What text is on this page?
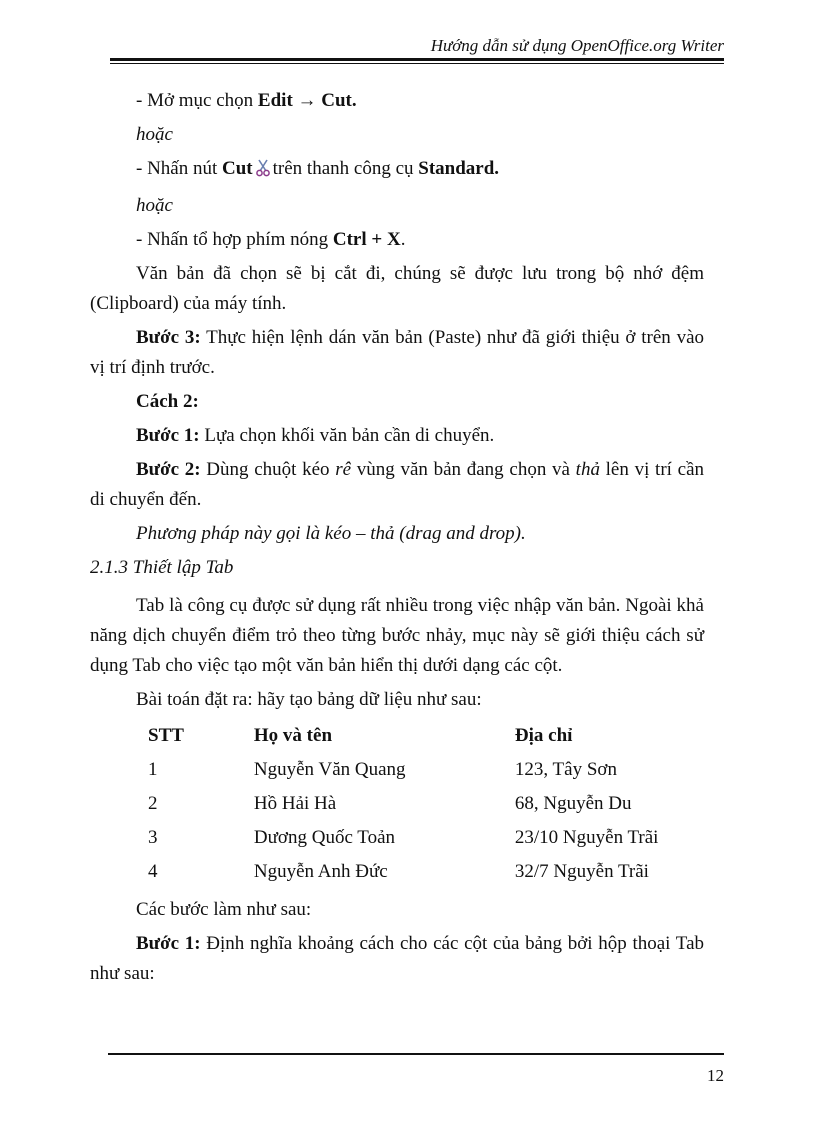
Hướng dẫn sử dụng OpenOffice.org Writer
- Mở mục chọn Edit → Cut.
hoặc
- Nhấn nút Cut trên thanh công cụ Standard.
hoặc
- Nhấn tổ hợp phím nóng Ctrl + X.
Văn bản đã chọn sẽ bị cắt đi, chúng sẽ được lưu trong bộ nhớ đệm (Clipboard) của máy tính.
Bước 3: Thực hiện lệnh dán văn bản (Paste) như đã giới thiệu ở trên vào vị trí định trước.
Cách 2:
Bước 1: Lựa chọn khối văn bản cần di chuyển.
Bước 2: Dùng chuột kéo rê vùng văn bản đang chọn và thả lên vị trí cần di chuyển đến.
Phương pháp này gọi là kéo – thả (drag and drop).
2.1.3 Thiết lập Tab
Tab là công cụ được sử dụng rất nhiều trong việc nhập văn bản. Ngoài khả năng dịch chuyển điểm trỏ theo từng bước nhảy, mục này sẽ giới thiệu cách sử dụng Tab cho việc tạo một văn bản hiển thị dưới dạng các cột.
Bài toán đặt ra: hãy tạo bảng dữ liệu như sau:
STT	Họ và tên	Địa chỉ
1	Nguyễn Văn Quang	123, Tây Sơn
2	Hồ Hải Hà	68, Nguyễn Du
3	Dương Quốc Toản	23/10 Nguyễn Trãi
4	Nguyễn Anh Đức	32/7 Nguyễn Trãi
Các bước làm như sau:
Bước 1: Định nghĩa khoảng cách cho các cột của bảng bởi hộp thoại Tab như sau:
12
